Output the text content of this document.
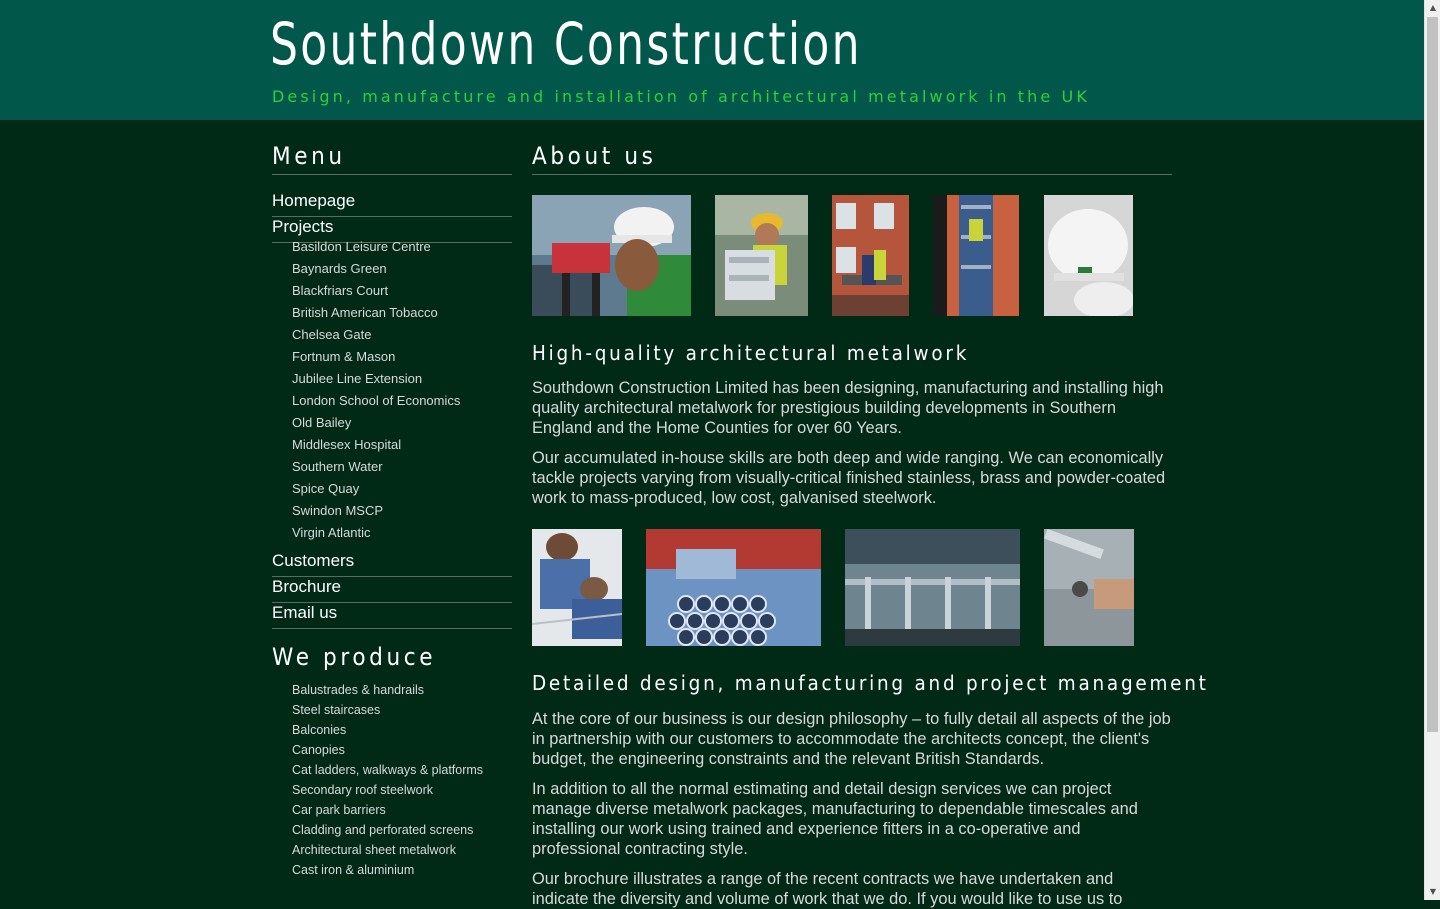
Southdown Construction

Design, manufacture and installation of architectural metalwork in the UK

Menu
Homepage
Projects
Basildon Leisure Centre
Baynards Green
Blackfriars Court
British American Tobacco
Chelsea Gate
Fortnum & Mason
Jubilee Line Extension
London School of Economics
Old Bailey
Middlesex Hospital
Southern Water
Spice Quay
Swindon MSCP
Virgin Atlantic
Customers
Brochure
Email us
We produce
Balustrades & handrails
Steel staircases
Balconies
Canopies
Cat ladders, walkways & platforms
Secondary roof steelwork
Car park barriers
Cladding and perforated screens
Architectural sheet metalwork
Cast iron & aluminium
About us
High-quality architectural metalwork

Southdown Construction Limited has been designing, manufacturing and installing high quality architectural metalwork for prestigious building developments in Southern England and the Home Counties for over 60 Years.

Our accumulated in-house skills are both deep and wide ranging. We can economically tackle projects varying from visually-critical finished stainless, brass and powder-coated work to mass-produced, low cost, galvanised steelwork.

Detailed design, manufacturing and project management

At the core of our business is our design philosophy – to fully detail all aspects of the job in partnership with our customers to accommodate the architects concept, the client's budget, the engineering constraints and the relevant British Standards.

In addition to all the normal estimating and detail design services we can project manage diverse metalwork packages, manufacturing to dependable timescales and installing our work using trained and experience fitters in a co-operative and professional contracting style.

Our brochure illustrates a range of the recent contracts we have undertaken and indicate the diversity and volume of work that we do. If you would like to use us to

▲
▼
